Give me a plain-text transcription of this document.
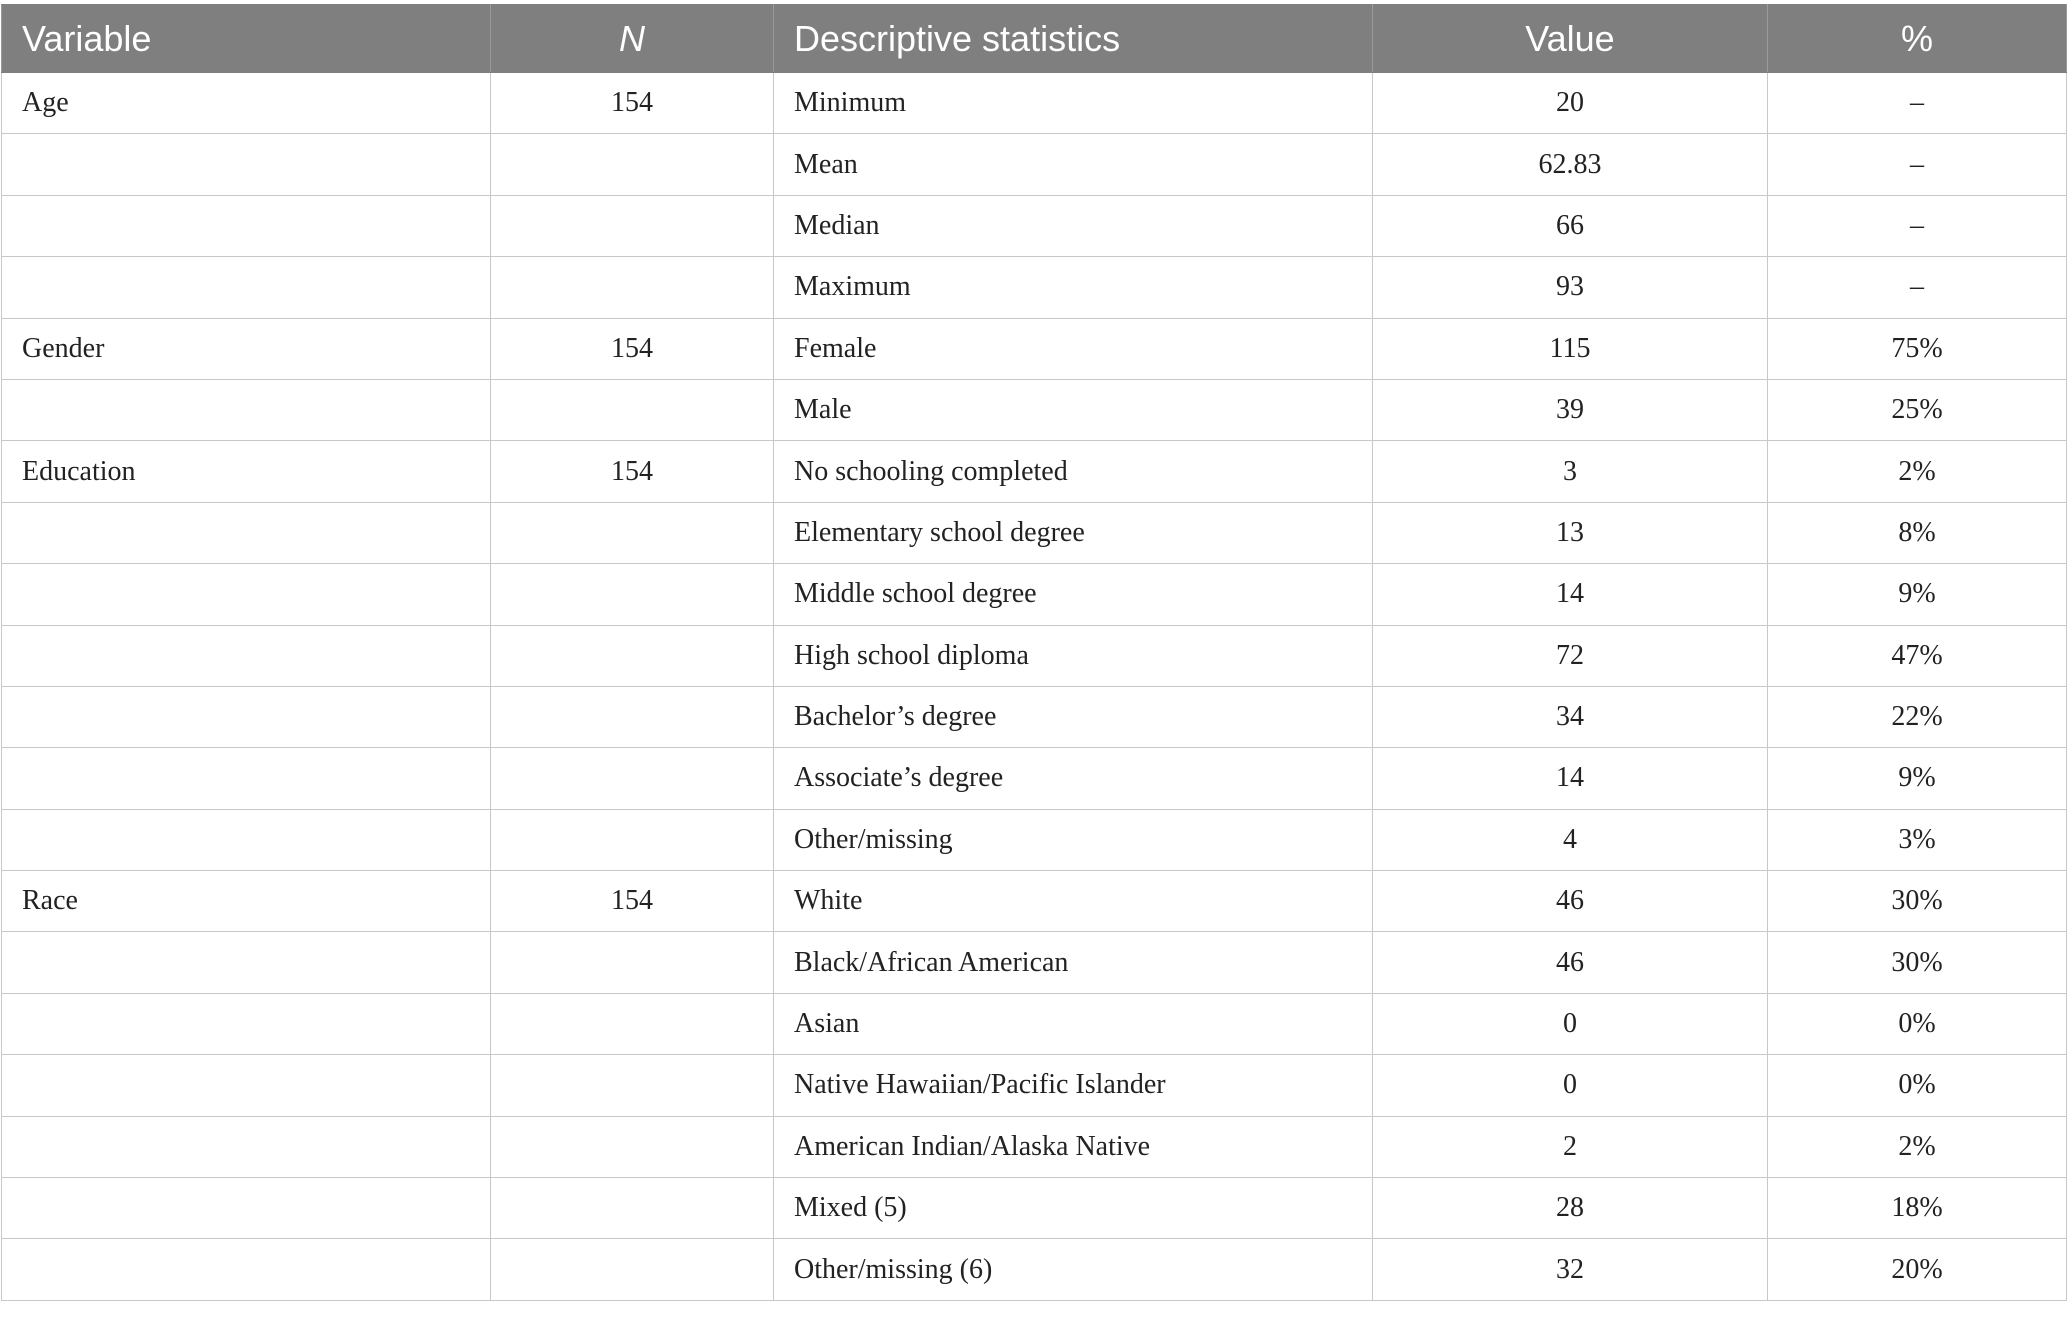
Variable	N	Descriptive statistics	Value	%
Age	154	Minimum	20	–
		Mean	62.83	–
		Median	66	–
		Maximum	93	–
Gender	154	Female	115	75%
		Male	39	25%
Education	154	No schooling completed	3	2%
		Elementary school degree	13	8%
		Middle school degree	14	9%
		High school diploma	72	47%
		Bachelor’s degree	34	22%
		Associate’s degree	14	9%
		Other/missing	4	3%
Race	154	White	46	30%
		Black/African American	46	30%
		Asian	0	0%
		Native Hawaiian/Pacific Islander	0	0%
		American Indian/Alaska Native	2	2%
		Mixed (5)	28	18%
		Other/missing (6)	32	20%
